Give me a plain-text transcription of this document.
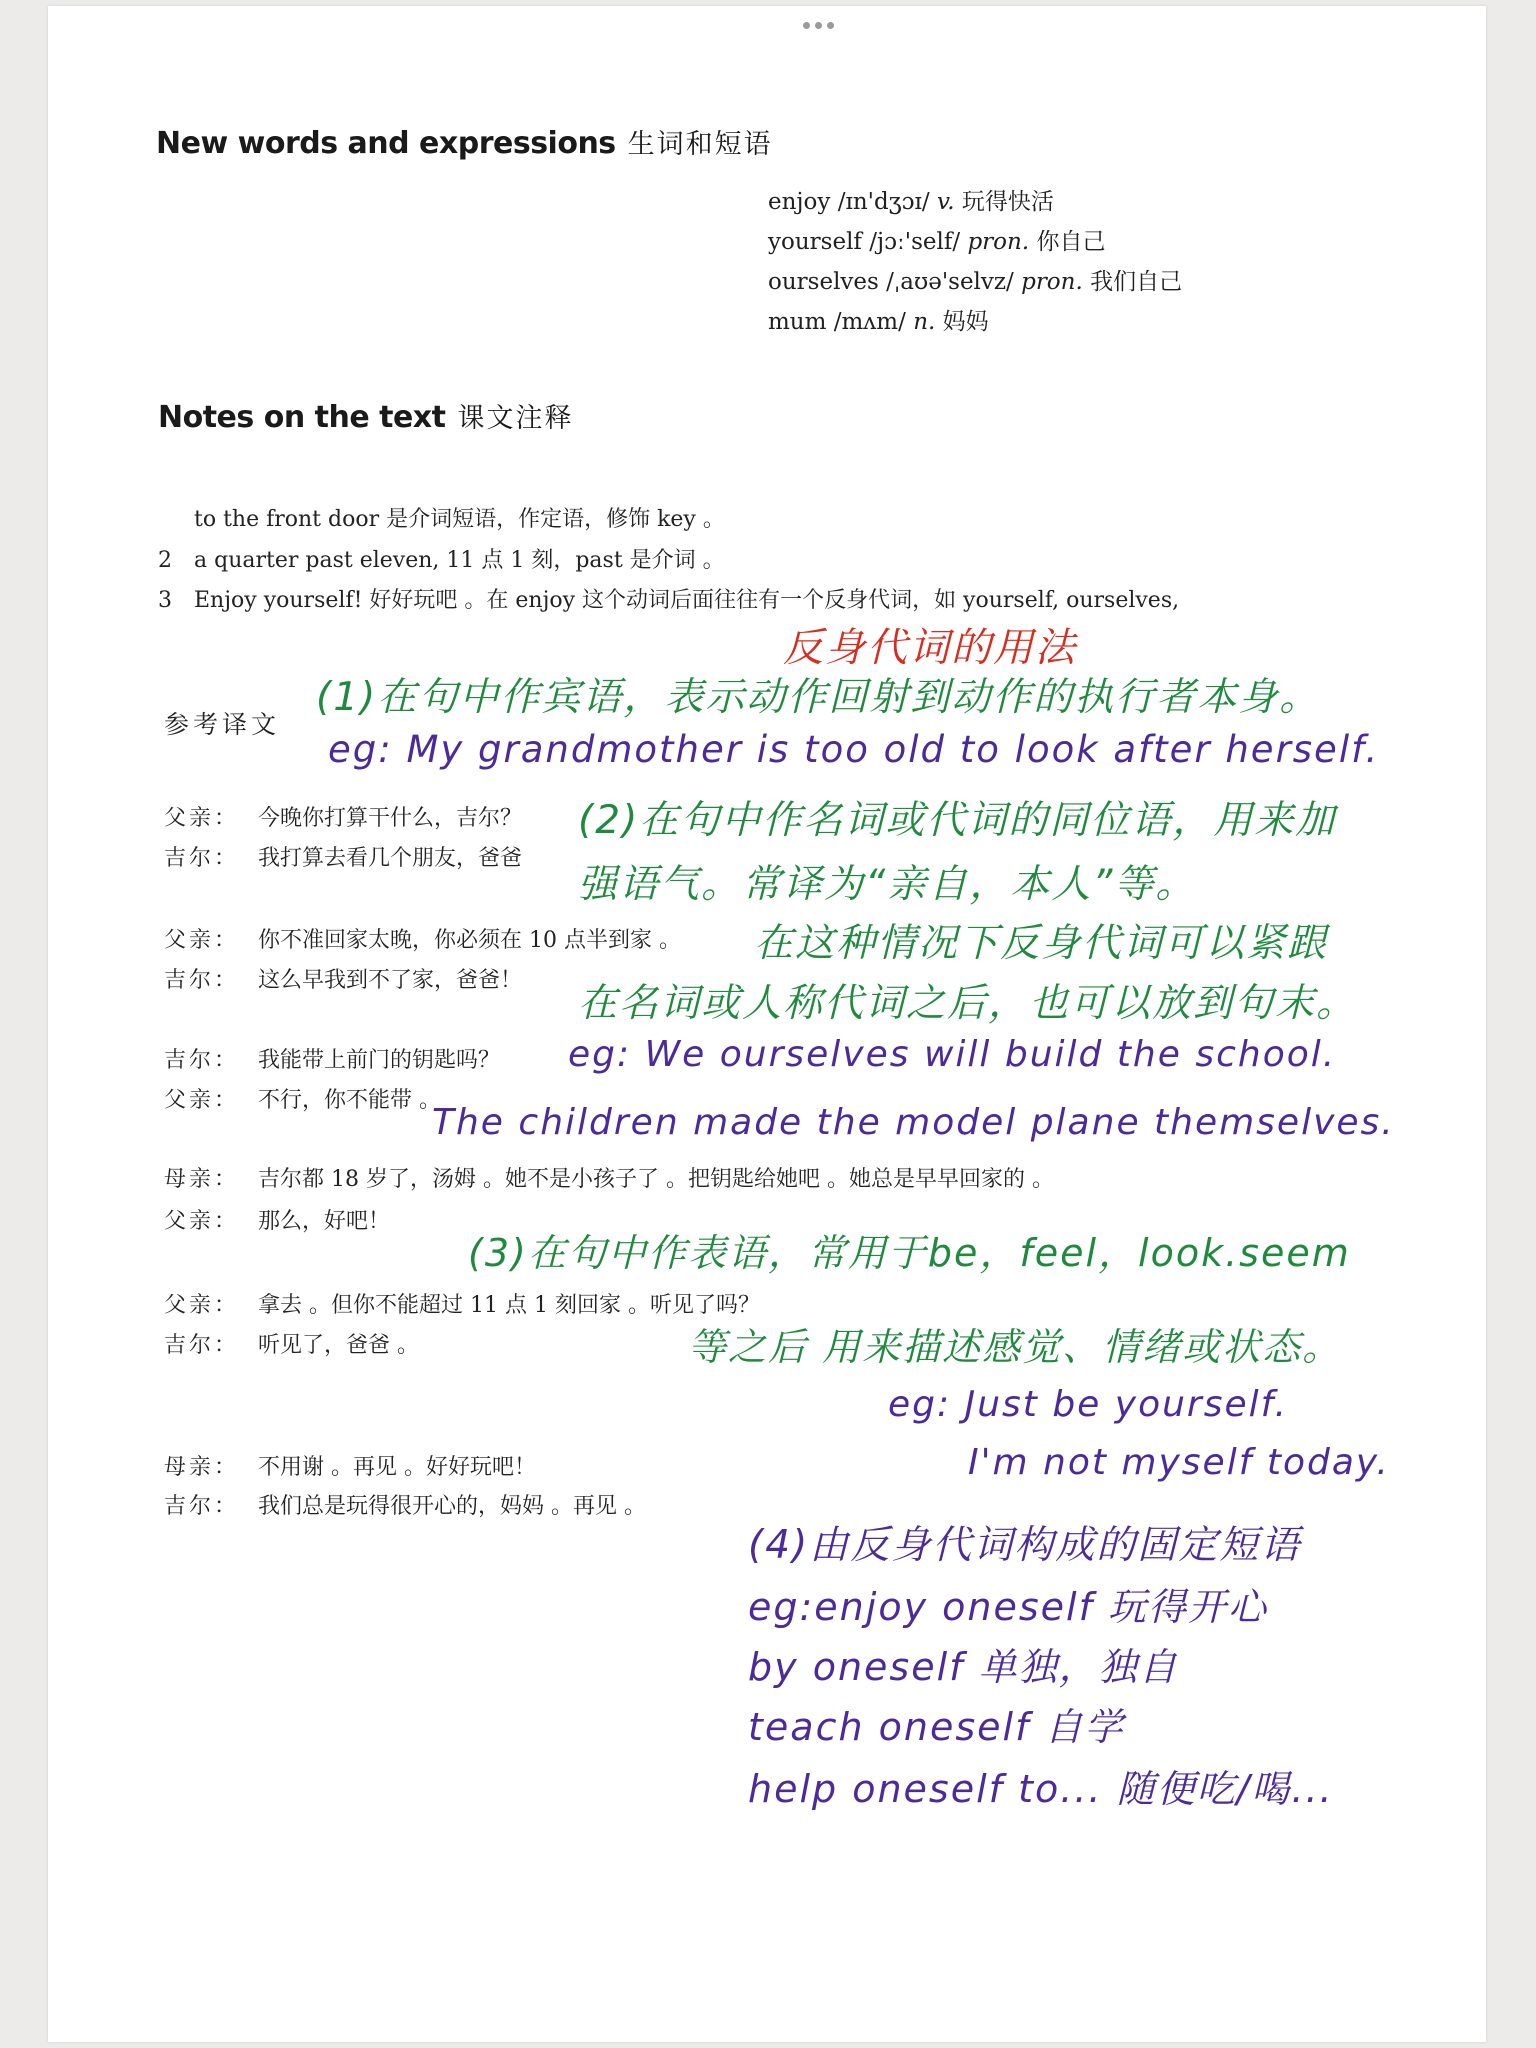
New words and expressions 生词和短语
enjoy /ɪn'dʒɔɪ/ v. 玩得快活
yourself /jɔː'self/ pron. 你自己
ourselves /ˌaʊə'selvz/ pron. 我们自己
mum /mʌm/ n. 妈妈
Notes on the text 课文注释
to the front door 是介词短语，作定语，修饰 key 。
2 a quarter past eleven, 11 点 1 刻，past 是介词 。
3 Enjoy yourself! 好好玩吧 。在 enjoy 这个动词后面往往有一个反身代词，如 yourself, ourselves,
参考译文
父亲： 今晚你打算干什么，吉尔？
吉尔： 我打算去看几个朋友，爸爸
父亲： 你不准回家太晚，你必须在 10 点半到家 。
吉尔： 这么早我到不了家，爸爸！
吉尔： 我能带上前门的钥匙吗？
父亲： 不行，你不能带 。
母亲： 吉尔都 18 岁了，汤姆 。她不是小孩子了 。把钥匙给她吧 。她总是早早回家的 。
父亲： 那么，好吧！
父亲： 拿去 。但你不能超过 11 点 1 刻回家 。听见了吗？
吉尔： 听见了，爸爸 。
母亲： 不用谢 。再见 。好好玩吧！
吉尔： 我们总是玩得很开心的，妈妈 。再见 。
反身代词的用法
(1)在句中作宾语，表示动作回射到动作的执行者本身。
eg: My grandmother is too old to look after herself.
(2)在句中作名词或代词的同位语，用来加
强语气。常译为“亲自，本人”等。
在这种情况下反身代词可以紧跟
在名词或人称代词之后，也可以放到句末。
eg: We ourselves will build the school.
The children made the model plane themselves.
(3)在句中作表语，常用于be，feel，look.seem
等之后 用来描述感觉、情绪或状态。
eg: Just be yourself.
I'm not myself today.
(4)由反身代词构成的固定短语
eg:enjoy oneself 玩得开心
by oneself 单独，独自
teach oneself 自学
help oneself to... 随便吃/喝...
